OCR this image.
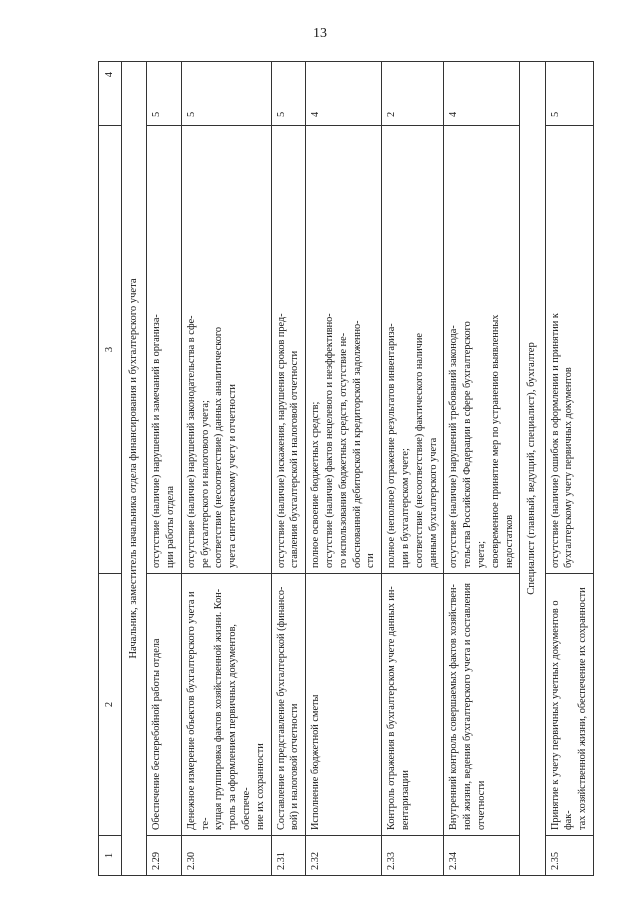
13
1	2	3	4
Начальник, заместитель начальника отдела финансирования и бухгалтерского учета			
2.29	Обеспечение бесперебойной работы отдела	отсутствие (наличие) нарушений и замечаний в организа- ции работы отдела	5
2.30	Денежное измерение объектов бухгалтерского учета и те- кущая группировка фактов хозяйственной жизни. Кон- троль за оформлением первичных документов, обеспече- ние их сохранности	отсутствие (наличие) нарушений законодательства в сфе- ре бухгалтерского и налогового учета; соответствие (несоответствие) данных аналитического учета синтетическому учету и отчетности	5
2.31	Составление и представление бухгалтерской (финансо- вой) и налоговой отчетности	отсутствие (наличие) искажения, нарушения сроков пред- ставления бухгалтерской и налоговой отчетности	5
2.32	Исполнение бюджетной сметы	полное освоение бюджетных средств; отсутствие (наличие) фактов нецелевого и неэффективно- го использования бюджетных средств, отсутствие не- обоснованной дебиторской и кредиторской задолженно- сти	4
2.33	Контроль отражения в бухгалтерском учете данных ин- вентаризации	полное (неполное) отражение результатов инвентариза- ции в бухгалтерском учете; соответствие (несоответствие) фактического наличие данным бухгалтерского учета	2
2.34	Внутренний контроль совершаемых фактов хозяйствен- ной жизни, ведения бухгалтерского учета и составления отчетности	отсутствие (наличие) нарушений требований законода- тельства Российской Федерации в сфере бухгалтерского учета; своевременное принятие мер по устранению выявленных недостатков	4
Специалист (главный, ведущий, специалист), бухгалтер			
2.35	Принятие к учету первичных учетных документов о фак- тах хозяйственной жизни, обеспечение их сохранности	отсутствие (наличие) ошибок в оформлении и принятии к бухгалтерскому учету первичных документов	5
